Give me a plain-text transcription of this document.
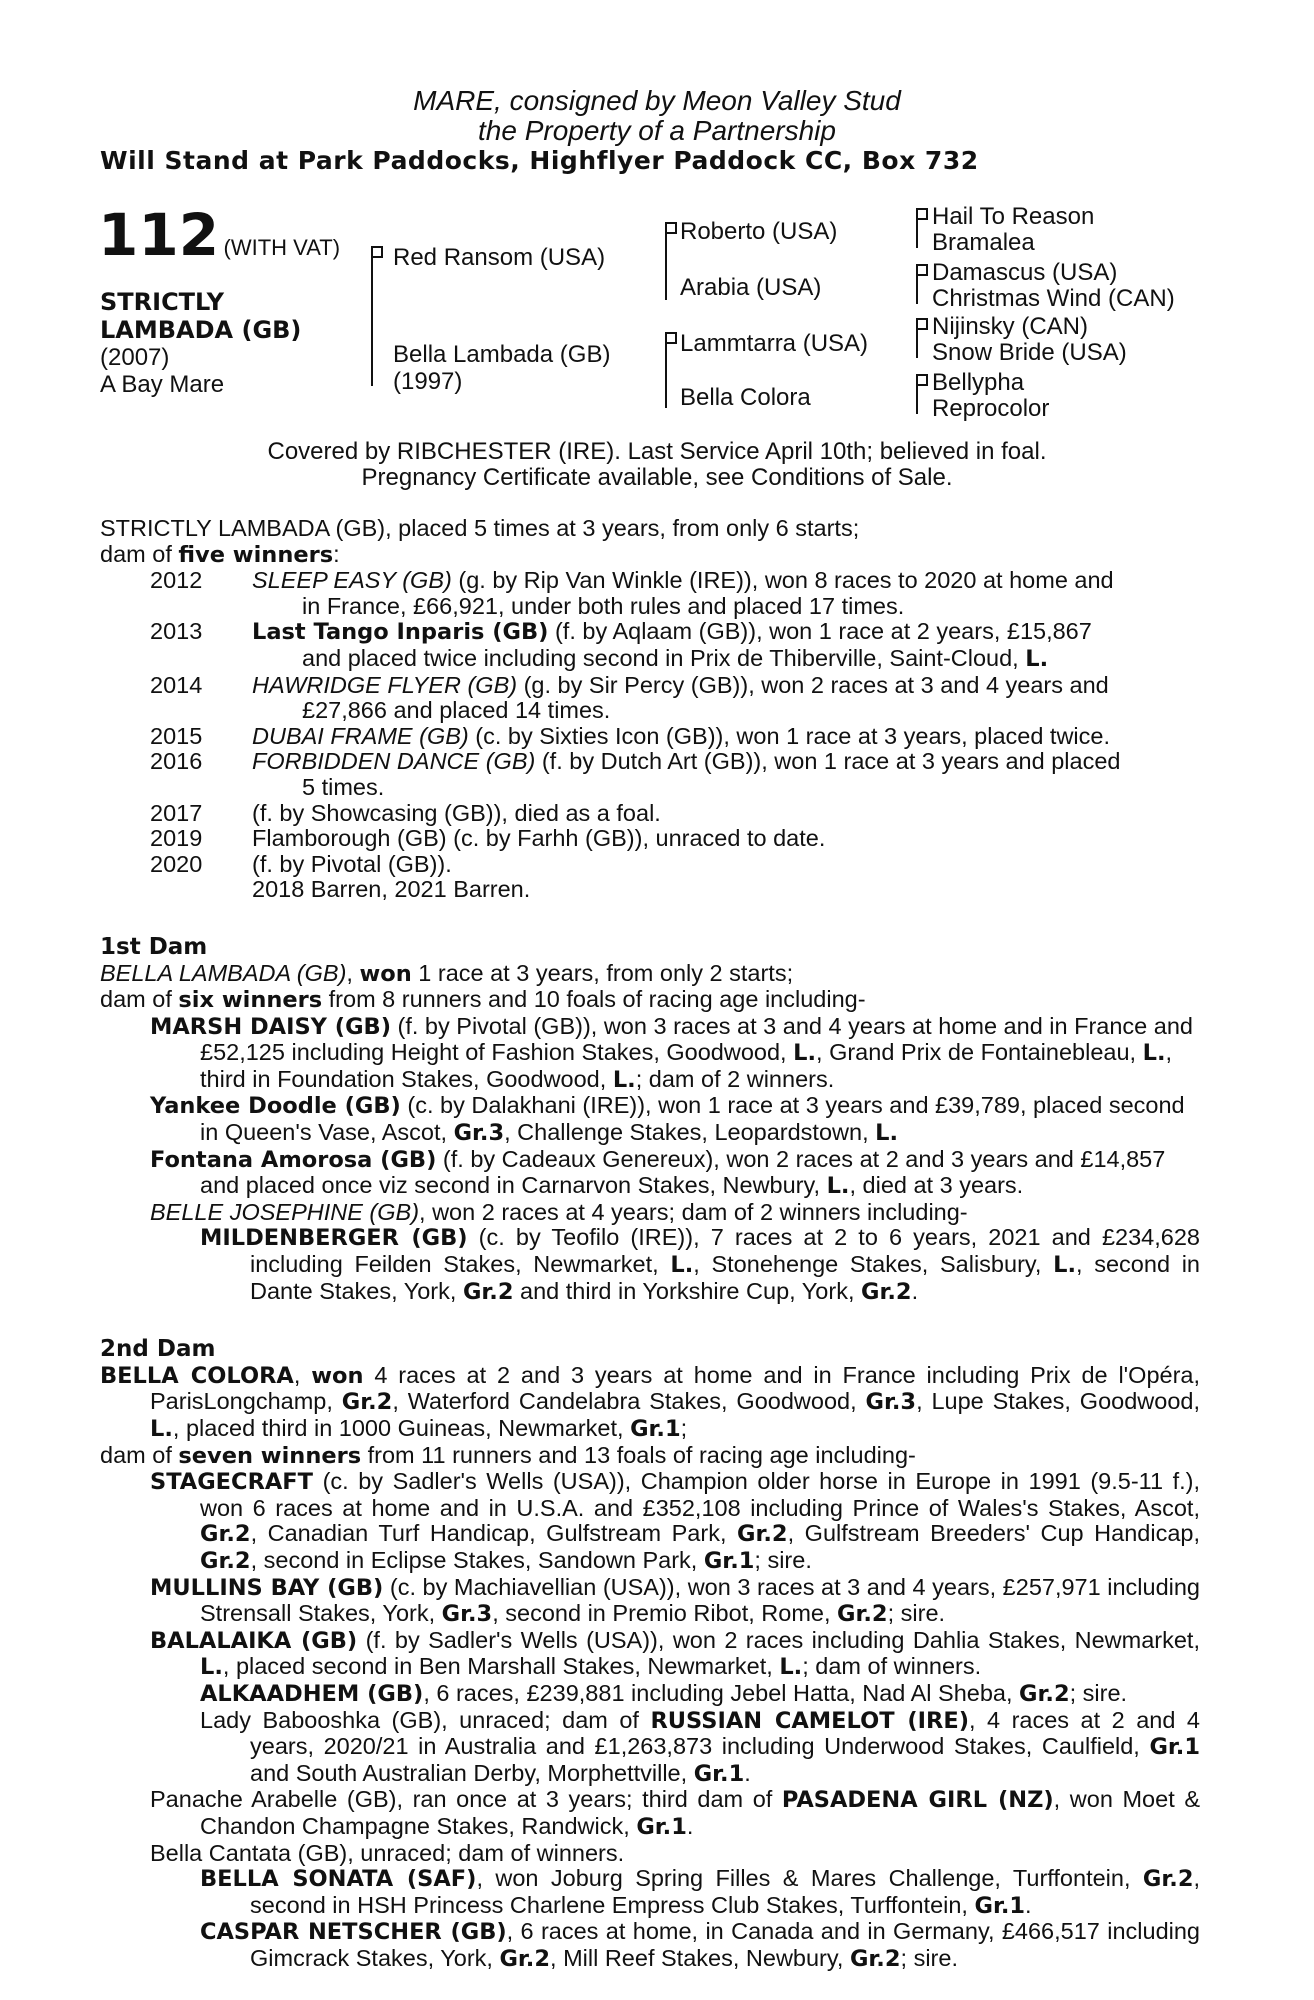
MARE, consigned by Meon Valley Stud
the Property of a Partnership
Will Stand at Park Paddocks, Highflyer Paddock CC, Box 732
112 (WITH VAT)
STRICTLY
LAMBADA (GB)
(2007)
A Bay Mare
Red Ransom (USA)
Bella Lambada (GB)
(1997)
Roberto (USA)
Arabia (USA)
Lammtarra (USA)
Bella Colora
Hail To Reason
Bramalea
Damascus (USA)
Christmas Wind (CAN)
Nijinsky (CAN)
Snow Bride (USA)
Bellypha
Reprocolor
Covered by RIBCHESTER (IRE). Last Service April 10th; believed in foal.
Pregnancy Certificate available, see Conditions of Sale.
STRICTLY LAMBADA (GB), placed 5 times at 3 years, from only 6 starts;
dam of five winners:
2012	SLEEP EASY (GB) (g. by Rip Van Winkle (IRE)), won 8 races to 2020 at home and
in France, £66,921, under both rules and placed 17 times.
2013	Last Tango Inparis (GB) (f. by Aqlaam (GB)), won 1 race at 2 years, £15,867
and placed twice including second in Prix de Thiberville, Saint-Cloud, L.
2014	HAWRIDGE FLYER (GB) (g. by Sir Percy (GB)), won 2 races at 3 and 4 years and
£27,866 and placed 14 times.
2015	DUBAI FRAME (GB) (c. by Sixties Icon (GB)), won 1 race at 3 years, placed twice.
2016	FORBIDDEN DANCE (GB) (f. by Dutch Art (GB)), won 1 race at 3 years and placed
5 times.
2017	(f. by Showcasing (GB)), died as a foal.
2019	Flamborough (GB) (c. by Farhh (GB)), unraced to date.
2020	(f. by Pivotal (GB)).
2018 Barren, 2021 Barren.
1st Dam
BELLA LAMBADA (GB), won 1 race at 3 years, from only 2 starts;
dam of six winners from 8 runners and 10 foals of racing age including-
MARSH DAISY (GB) (f. by Pivotal (GB)), won 3 races at 3 and 4 years at home and in France and £52,125 including Height of Fashion Stakes, Goodwood, L., Grand Prix de Fontainebleau, L., third in Foundation Stakes, Goodwood, L.; dam of 2 winners.
Yankee Doodle (GB) (c. by Dalakhani (IRE)), won 1 race at 3 years and £39,789, placed second in Queen's Vase, Ascot, Gr.3, Challenge Stakes, Leopardstown, L.
Fontana Amorosa (GB) (f. by Cadeaux Genereux), won 2 races at 2 and 3 years and £14,857 and placed once viz second in Carnarvon Stakes, Newbury, L., died at 3 years.
BELLE JOSEPHINE (GB), won 2 races at 4 years; dam of 2 winners including-
MILDENBERGER (GB) (c. by Teofilo (IRE)), 7 races at 2 to 6 years, 2021 and £234,628 including Feilden Stakes, Newmarket, L., Stonehenge Stakes, Salisbury, L., second in Dante Stakes, York, Gr.2 and third in Yorkshire Cup, York, Gr.2.
2nd Dam
BELLA COLORA, won 4 races at 2 and 3 years at home and in France including Prix de l'Opéra, ParisLongchamp, Gr.2, Waterford Candelabra Stakes, Goodwood, Gr.3, Lupe Stakes, Goodwood, L., placed third in 1000 Guineas, Newmarket, Gr.1;
dam of seven winners from 11 runners and 13 foals of racing age including-
STAGECRAFT (c. by Sadler's Wells (USA)), Champion older horse in Europe in 1991 (9.5-11 f.), won 6 races at home and in U.S.A. and £352,108 including Prince of Wales's Stakes, Ascot, Gr.2, Canadian Turf Handicap, Gulfstream Park, Gr.2, Gulfstream Breeders' Cup Handicap, Gr.2, second in Eclipse Stakes, Sandown Park, Gr.1; sire.
MULLINS BAY (GB) (c. by Machiavellian (USA)), won 3 races at 3 and 4 years, £257,971 including Strensall Stakes, York, Gr.3, second in Premio Ribot, Rome, Gr.2; sire.
BALALAIKA (GB) (f. by Sadler's Wells (USA)), won 2 races including Dahlia Stakes, Newmarket, L., placed second in Ben Marshall Stakes, Newmarket, L.; dam of winners.
ALKAADHEM (GB), 6 races, £239,881 including Jebel Hatta, Nad Al Sheba, Gr.2; sire.
Lady Babooshka (GB), unraced; dam of RUSSIAN CAMELOT (IRE), 4 races at 2 and 4 years, 2020/21 in Australia and £1,263,873 including Underwood Stakes, Caulfield, Gr.1 and South Australian Derby, Morphettville, Gr.1.
Panache Arabelle (GB), ran once at 3 years; third dam of PASADENA GIRL (NZ), won Moet & Chandon Champagne Stakes, Randwick, Gr.1.
Bella Cantata (GB), unraced; dam of winners.
BELLA SONATA (SAF), won Joburg Spring Filles & Mares Challenge, Turffontein, Gr.2, second in HSH Princess Charlene Empress Club Stakes, Turffontein, Gr.1.
CASPAR NETSCHER (GB), 6 races at home, in Canada and in Germany, £466,517 including Gimcrack Stakes, York, Gr.2, Mill Reef Stakes, Newbury, Gr.2; sire.
